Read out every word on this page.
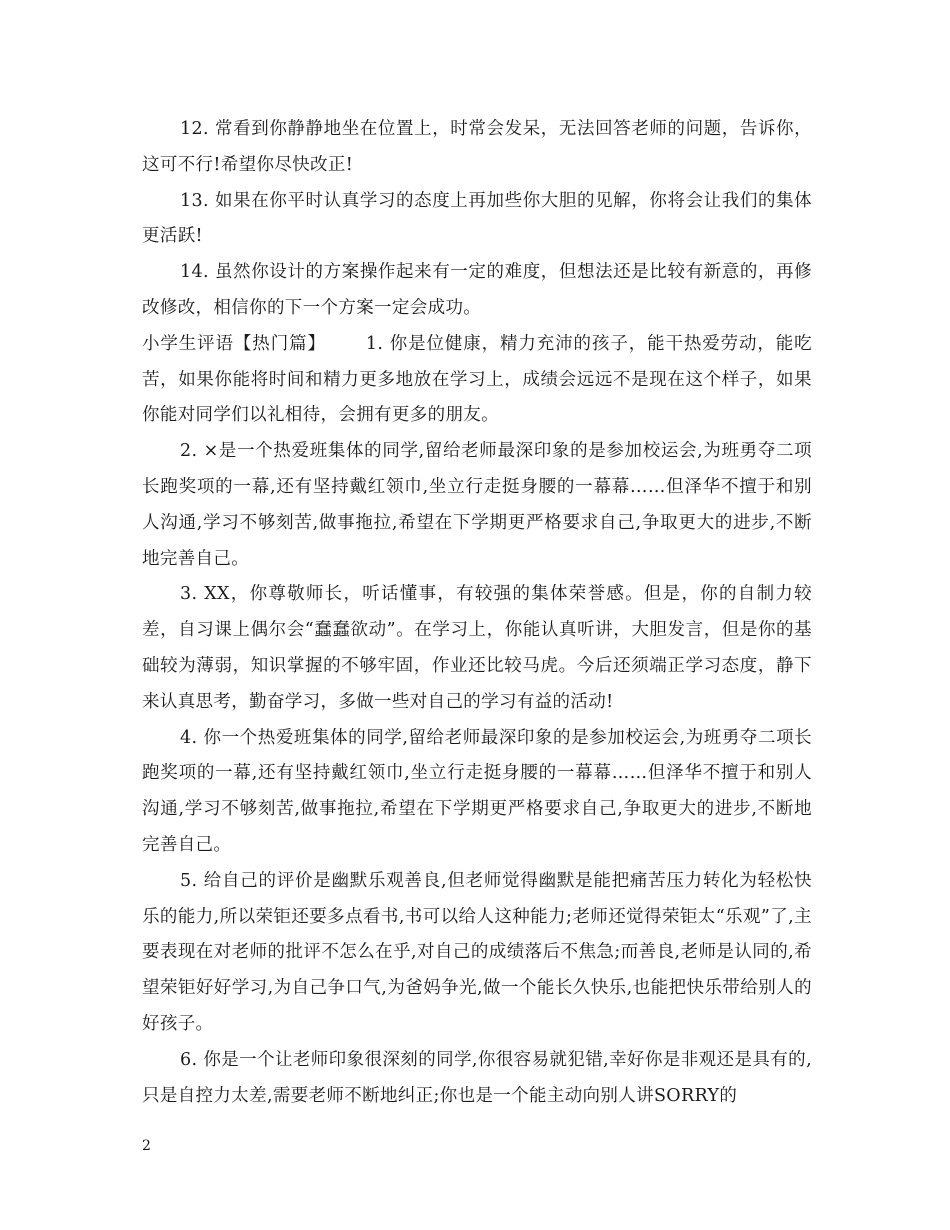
12. 常看到你静静地坐在位置上，时常会发呆，无法回答老师的问题，告诉你，这可不行!希望你尽快改正!

13. 如果在你平时认真学习的态度上再加些你大胆的见解，你将会让我们的集体更活跃!

14. 虽然你设计的方案操作起来有一定的难度，但想法还是比较有新意的，再修改修改，相信你的下一个方案一定会成功。

小学生评语【热门篇】 1. 你是位健康，精力充沛的孩子，能干热爱劳动，能吃苦，如果你能将时间和精力更多地放在学习上，成绩会远远不是现在这个样子，如果你能对同学们以礼相待，会拥有更多的朋友。

2. ×是一个热爱班集体的同学,留给老师最深印象的是参加校运会,为班勇夺二项长跑奖项的一幕,还有坚持戴红领巾,坐立行走挺身腰的一幕幕……但泽华不擅于和别人沟通,学习不够刻苦,做事拖拉,希望在下学期更严格要求自己,争取更大的进步,不断地完善自己。

3. XX，你尊敬师长，听话懂事，有较强的集体荣誉感。但是，你的自制力较差，自习课上偶尔会“蠢蠢欲动”。在学习上，你能认真听讲，大胆发言，但是你的基础较为薄弱，知识掌握的不够牢固，作业还比较马虎。今后还须端正学习态度，静下来认真思考，勤奋学习，多做一些对自己的学习有益的活动!

4. 你一个热爱班集体的同学,留给老师最深印象的是参加校运会,为班勇夺二项长跑奖项的一幕,还有坚持戴红领巾,坐立行走挺身腰的一幕幕……但泽华不擅于和别人沟通,学习不够刻苦,做事拖拉,希望在下学期更严格要求自己,争取更大的进步,不断地完善自己。

5. 给自己的评价是幽默乐观善良,但老师觉得幽默是能把痛苦压力转化为轻松快乐的能力,所以荣钜还要多点看书,书可以给人这种能力;老师还觉得荣钜太“乐观”了,主要表现在对老师的批评不怎么在乎,对自己的成绩落后不焦急;而善良,老师是认同的,希望荣钜好好学习,为自己争口气,为爸妈争光,做一个能长久快乐,也能把快乐带给别人的好孩子。

6. 你是一个让老师印象很深刻的同学,你很容易就犯错,幸好你是非观还是具有的,只是自控力太差,需要老师不断地纠正;你也是一个能主动向别人讲SORRY的

2
